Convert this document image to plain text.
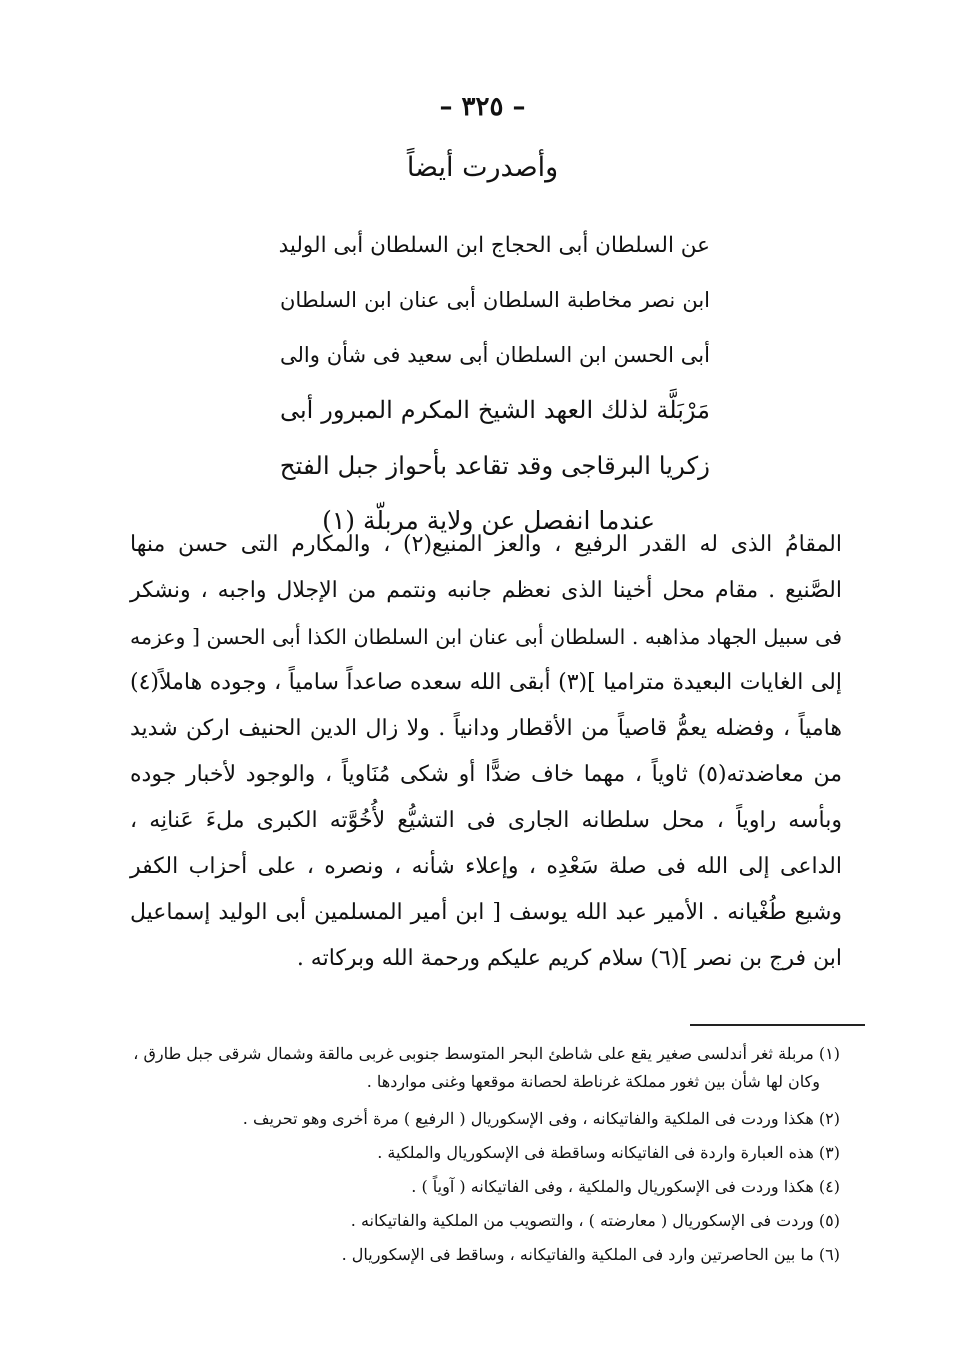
– ٣٢٥ –
وأصدرت أيضاً
عن السلطان أبى الحجاج ابن السلطان أبى الوليد
ابن نصر مخاطبة السلطان أبى عنان ابن السلطان
أبى الحسن ابن السلطان أبى سعيد فى شأن والى
مَرْبَلَّة لذلك العهد الشيخ المكرم المبرور أبى
زكريا البرقاجى وقد تقاعد بأحواز جبل الفتح
عندما انفصل عن ولاية مربلّة (١)
المقامُ الذى له القدر الرفيع ، والعز المنيع(٢) ، والمكارم التى حسن منها
الصَّنيع . مقام محل أخينا الذى نعظم جانبه ونتمم من الإجلال واجبه ، ونشكر
فى سبيل الجهاد مذاهبه . السلطان أبى عنان ابن السلطان الكذا أبى الحسن [ وعزمه
إلى الغايات البعيدة متراميا ](٣) أبقى الله سعده صاعداً سامياً ، وجوده هاملاً(٤)
هامياً ، وفضله يعمُّ قاصياً من الأقطار ودانياً . ولا زال الدين الحنيف اركن شديد
من معاضدته(٥) ثاوياً ، مهما خاف ضدًّا أو شكى مُنَاوياً ، والوجود لأخبار جوده
وبأسه راوياً ، محل سلطانه الجارى فى التشيُّع لأُخُوَّته الكبرى ملءَ عَنانِه ،
الداعى إلى الله فى صلة سَعْدِه ، وإعلاء شأنه ، ونصره ، على أحزاب الكفر
وشيع طُغْيانه . الأمير عبد الله يوسف [ ابن أمير المسلمين أبى الوليد إسماعيل
ابن فرج بن نصر ](٦) سلام كريم عليكم ورحمة الله وبركاته .
(١) مربلة ثغر أندلسى صغير يقع على شاطئ البحر المتوسط جنوبى غربى مالقة وشمال شرقى جبل طارق ،
وكان لها شأن بين ثغور مملكة غرناطة لحصانة موقعها وغنى مواردها .
(٢) هكذا وردت فى الملكية والفاتيكانه ، وفى الإسكوريال ( الرفيع ) مرة أخرى وهو تحريف .
(٣) هذه العبارة واردة فى الفاتيكانه وساقطة فى الإسكوريال والملكية .
(٤) هكذا وردت فى الإسكوريال والملكية ، وفى الفاتيكانه ( آوياً ) .
(٥) وردت فى الإسكوريال ( معارضته ) ، والتصويب من الملكية والفاتيكانه .
(٦) ما بين الحاصرتين وارد فى الملكية والفاتيكانه ، وساقط فى الإسكوريال .
